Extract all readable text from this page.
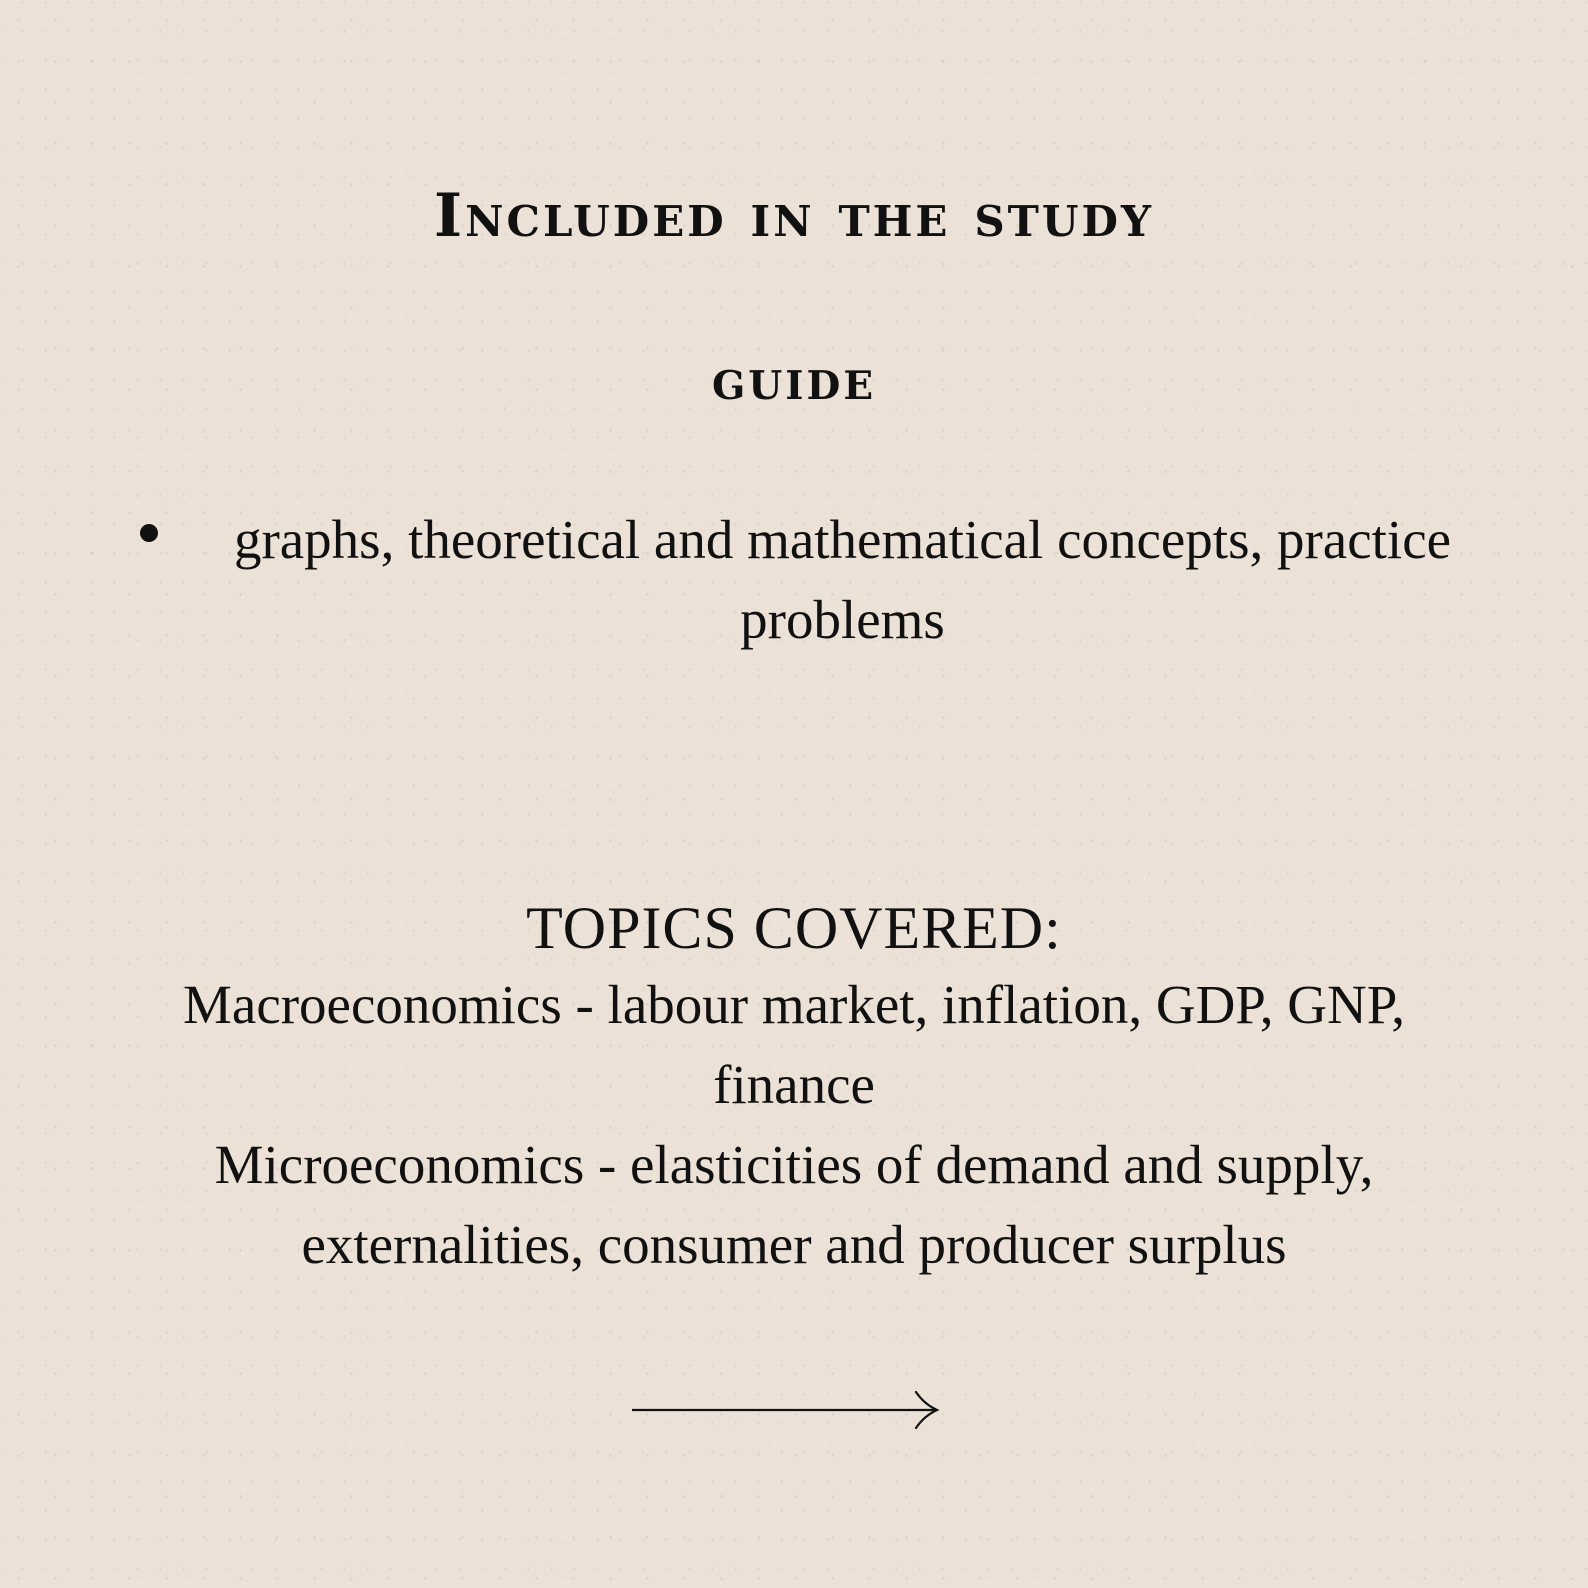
Included in the study
guide
graphs, theoretical and mathematical concepts, practice problems
TOPICS COVERED:

Macroeconomics - labour market, inflation, GDP, GNP, finance

Microeconomics - elasticities of demand and supply, externalities, consumer and producer surplus
